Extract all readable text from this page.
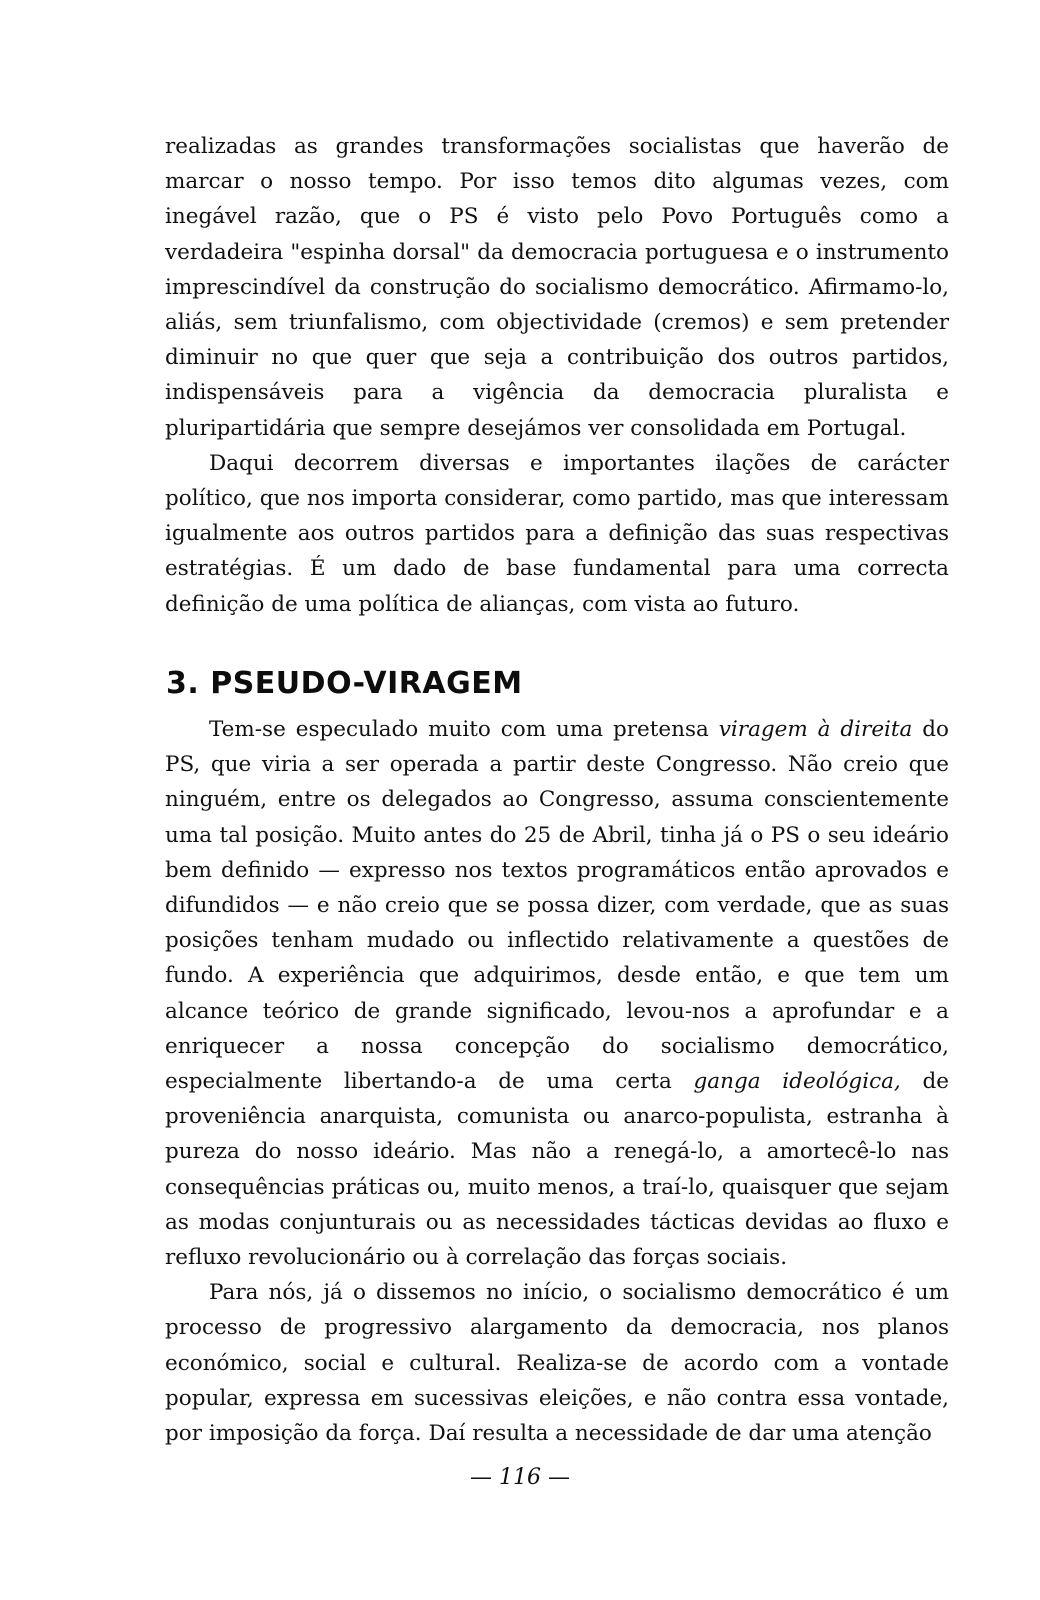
realizadas as grandes transformações socialistas que haverão de marcar o nosso tempo. Por isso temos dito algumas vezes, com inegável razão, que o PS é visto pelo Povo Português como a verdadeira "espinha dorsal" da democracia portuguesa e o instrumento imprescindível da construção do socialismo democrático. Afirmamo-lo, aliás, sem triunfalismo, com objectividade (cremos) e sem pretender diminuir no que quer que seja a contribuição dos outros partidos, indispensáveis para a vigência da democracia pluralista e pluripartidária que sempre desejámos ver consolidada em Portugal.

Daqui decorrem diversas e importantes ilações de carácter político, que nos importa considerar, como partido, mas que interessam igualmente aos outros partidos para a definição das suas respectivas estratégias. É um dado de base fundamental para uma correcta definição de uma política de alianças, com vista ao futuro.

3. PSEUDO-VIRAGEM

Tem-se especulado muito com uma pretensa viragem à direita do PS, que viria a ser operada a partir deste Congresso. Não creio que ninguém, entre os delegados ao Congresso, assuma conscientemente uma tal posição. Muito antes do 25 de Abril, tinha já o PS o seu ideário bem definido — expresso nos textos programáticos então aprovados e difundidos — e não creio que se possa dizer, com verdade, que as suas posições tenham mudado ou inflectido relativamente a questões de fundo. A experiência que adquirimos, desde então, e que tem um alcance teórico de grande significado, levou-nos a aprofundar e a enriquecer a nossa concepção do socialismo democrático, especialmente libertando-a de uma certa ganga ideológica, de proveniência anarquista, comunista ou anarco-populista, estranha à pureza do nosso ideário. Mas não a renegá-lo, a amortecê-lo nas consequências práticas ou, muito menos, a traí-lo, quaisquer que sejam as modas conjunturais ou as necessidades tácticas devidas ao fluxo e refluxo revolucionário ou à correlação das forças sociais.

Para nós, já o dissemos no início, o socialismo democrático é um processo de progressivo alargamento da democracia, nos planos económico, social e cultural. Realiza-se de acordo com a vontade popular, expressa em sucessivas eleições, e não contra essa vontade, por imposição da força. Daí resulta a necessidade de dar uma atenção

— 116 —
